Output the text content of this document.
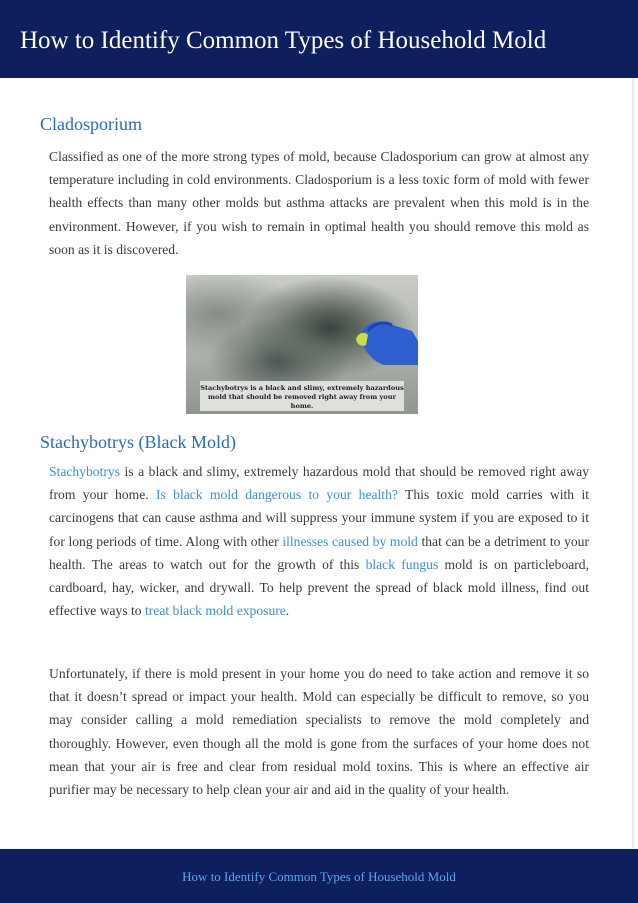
How to Identify Common Types of Household Mold
Cladosporium

Classified as one of the more strong types of mold, because Cladosporium can grow at almost any temperature including in cold environments. Cladosporium is a less toxic form of mold with fewer health effects than many other molds but asthma attacks are prevalent when this mold is in the environment. However, if you wish to remain in optimal health you should remove this mold as soon as it is discovered.

Stachybotrys is a black and slimy, extremely hazardous mold that should be removed right away from your home.
Stachybotrys (Black Mold)

Stachybotrys is a black and slimy, extremely hazardous mold that should be removed right away from your home. Is black mold dangerous to your health? This toxic mold carries with it carcinogens that can cause asthma and will suppress your immune system if you are exposed to it for long periods of time. Along with other illnesses caused by mold that can be a detriment to your health. The areas to watch out for the growth of this black fungus mold is on particleboard, cardboard, hay, wicker, and drywall. To help prevent the spread of black mold illness, find out effective ways to treat black mold exposure.

Unfortunately, if there is mold present in your home you do need to take action and remove it so that it doesn’t spread or impact your health. Mold can especially be difficult to remove, so you may consider calling a mold remediation specialists to remove the mold completely and thoroughly. However, even though all the mold is gone from the surfaces of your home does not mean that your air is free and clear from residual mold toxins. This is where an effective air purifier may be necessary to help clean your air and aid in the quality of your health.

How to Identify Common Types of Household Mold
